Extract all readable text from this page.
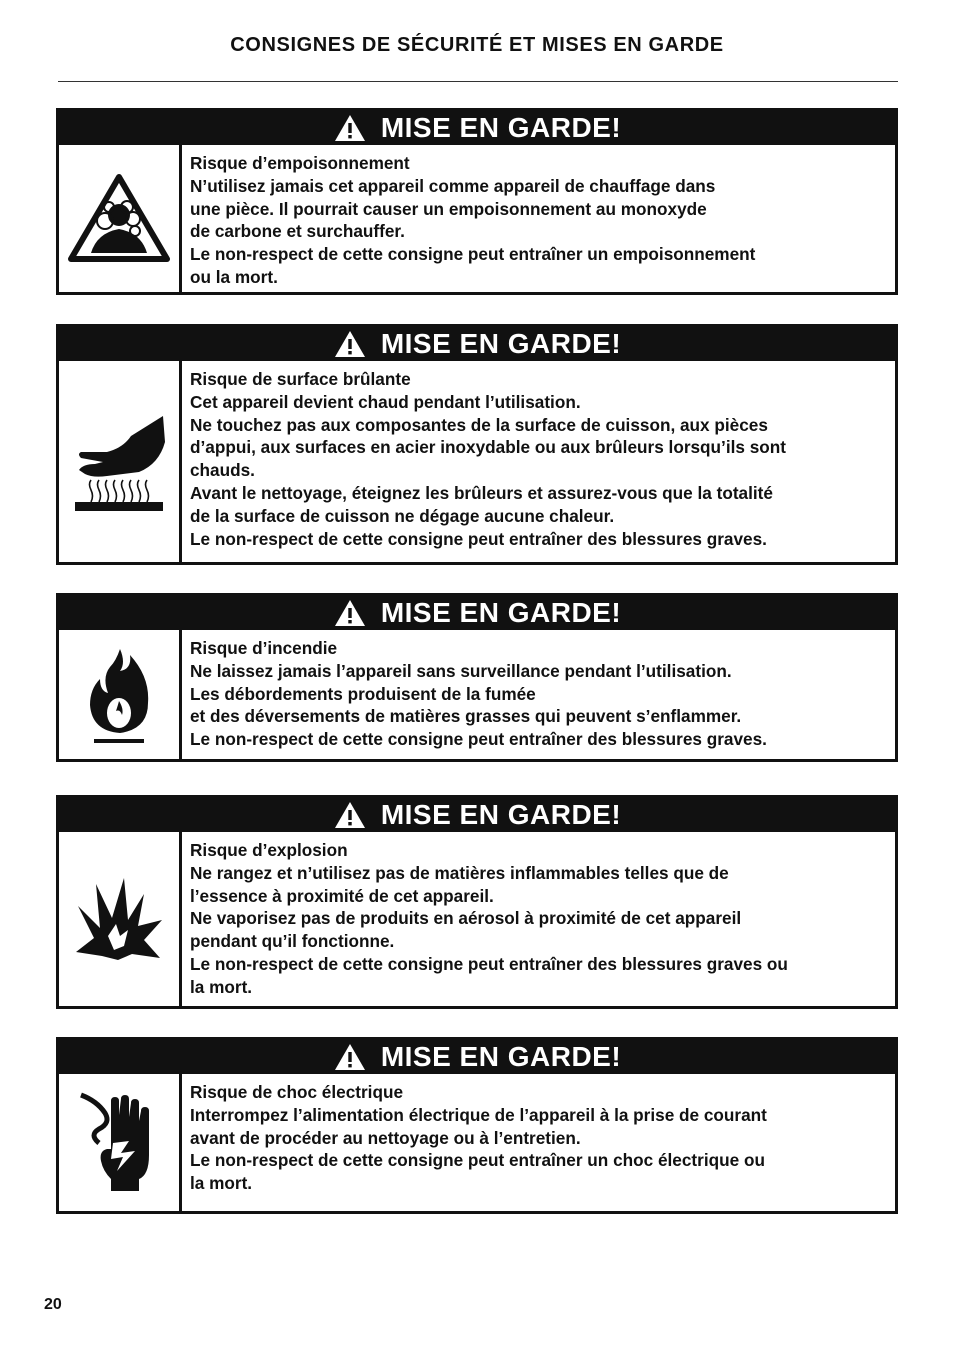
CONSIGNES DE SÉCURITÉ ET MISES EN GARDE
MISE EN GARDE!

Risque d’empoisonnement

N’utilisez jamais cet appareil comme appareil de chauffage dans

une pièce. Il pourrait causer un empoisonnement au monoxyde

de carbone et surchauffer.

Le non-respect de cette consigne peut entraîner un empoisonnement

ou la mort.

MISE EN GARDE!

Risque de surface brûlante

Cet appareil devient chaud pendant l’utilisation.

Ne touchez pas aux composantes de la surface de cuisson, aux pièces

d’appui, aux surfaces en acier inoxydable ou aux brûleurs lorsqu’ils sont

chauds.

Avant le nettoyage, éteignez les brûleurs et assurez-vous que la totalité

de la surface de cuisson ne dégage aucune chaleur.

Le non-respect de cette consigne peut entraîner des blessures graves.

MISE EN GARDE!

Risque d’incendie

Ne laissez jamais l’appareil sans surveillance pendant l’utilisation.

Les débordements produisent de la fumée

et des déversements de matières grasses qui peuvent s’enflammer.

Le non-respect de cette consigne peut entraîner des blessures graves.

MISE EN GARDE!

Risque d’explosion

Ne rangez et n’utilisez pas de matières inflammables telles que de

l’essence à proximité de cet appareil.

Ne vaporisez pas de produits en aérosol à proximité de cet appareil

pendant qu’il fonctionne.

Le non-respect de cette consigne peut entraîner des blessures graves ou

la mort.

MISE EN GARDE!

Risque de choc électrique

Interrompez l’alimentation électrique de l’appareil à la prise de courant

avant de procéder au nettoyage ou à l’entretien.

Le non-respect de cette consigne peut entraîner un choc électrique ou

la mort.

20
